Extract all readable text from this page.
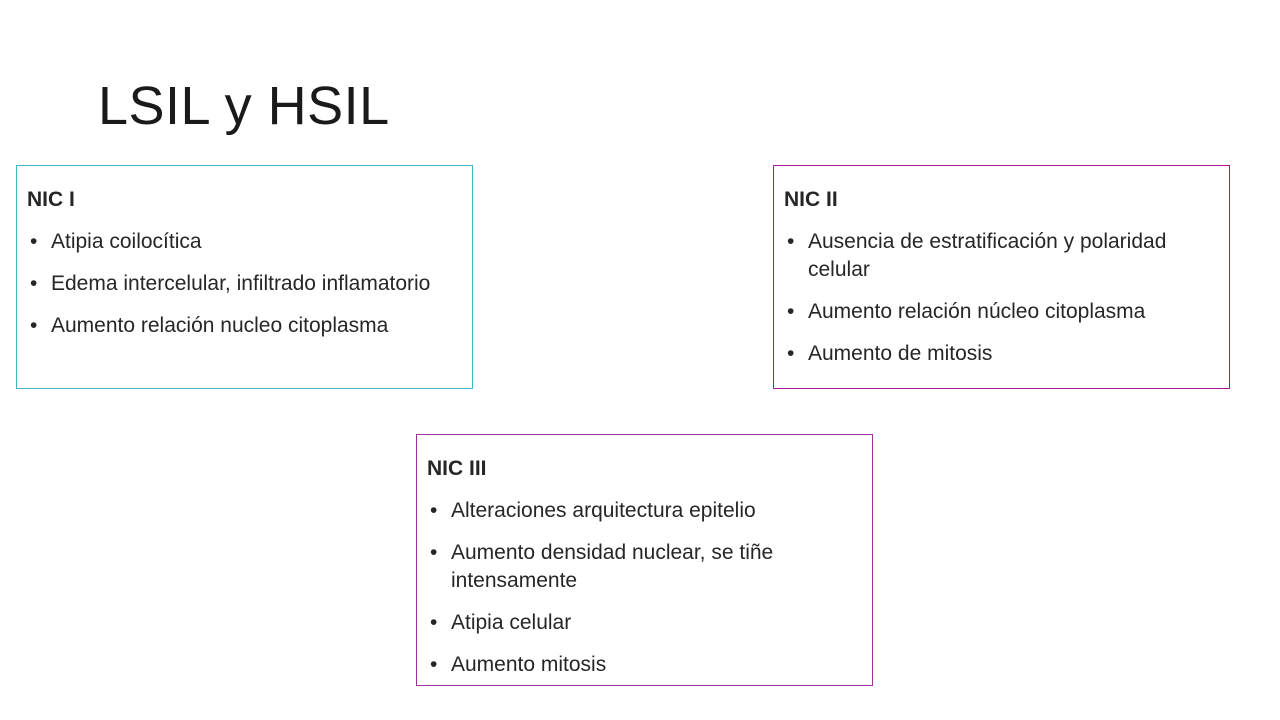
LSIL y HSIL
NIC I
• Atipia coilocítica
• Edema intercelular, infiltrado inflamatorio
• Aumento relación nucleo citoplasma
NIC II
• Ausencia de estratificación y polaridad celular
• Aumento relación núcleo citoplasma
• Aumento de mitosis
NIC III
• Alteraciones arquitectura epitelio
• Aumento densidad nuclear, se tiñe intensamente
• Atipia celular
• Aumento mitosis
